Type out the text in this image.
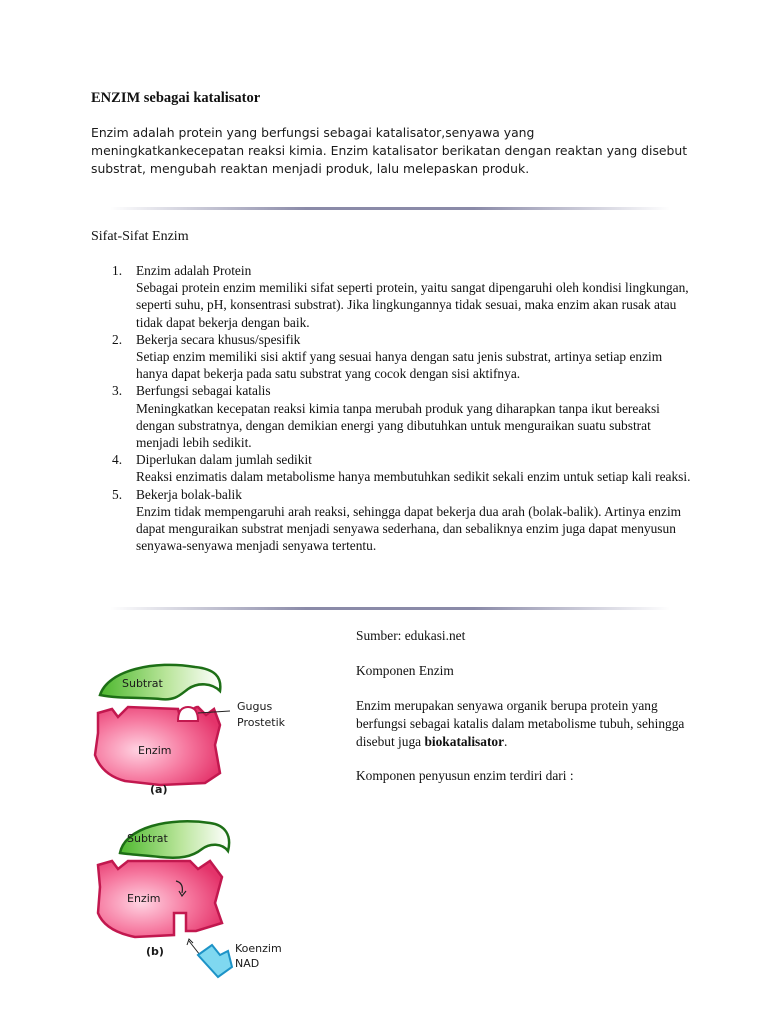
ENZIM sebagai katalisator
Enzim adalah protein yang berfungsi sebagai katalisator,senyawa yang meningkatkankecepatan reaksi kimia. Enzim katalisator berikatan dengan reaktan yang disebut substrat, mengubah reaktan menjadi produk, lalu melepaskan produk.
Sifat-Sifat Enzim
1. Enzim adalah Protein
Sebagai protein enzim memiliki sifat seperti protein, yaitu sangat dipengaruhi oleh kondisi lingkungan, seperti suhu, pH, konsentrasi substrat). Jika lingkungannya tidak sesuai, maka enzim akan rusak atau tidak dapat bekerja dengan baik.
2. Bekerja secara khusus/spesifik
Setiap enzim memiliki sisi aktif yang sesuai hanya dengan satu jenis substrat, artinya setiap enzim hanya dapat bekerja pada satu substrat yang cocok dengan sisi aktifnya.
3. Berfungsi sebagai katalis
Meningkatkan kecepatan reaksi kimia tanpa merubah produk yang diharapkan tanpa ikut bereaksi dengan substratnya, dengan demikian energi yang dibutuhkan untuk menguraikan suatu substrat menjadi lebih sedikit.
4. Diperlukan dalam jumlah sedikit
Reaksi enzimatis dalam metabolisme hanya membutuhkan sedikit sekali enzim untuk setiap kali reaksi.
5. Bekerja bolak-balik
Enzim tidak mempengaruhi arah reaksi, sehingga dapat bekerja dua arah (bolak-balik). Artinya enzim dapat menguraikan substrat menjadi senyawa sederhana, dan sebaliknya enzim juga dapat menyusun senyawa-senyawa menjadi senyawa tertentu.
Sumber: edukasi.net
Komponen Enzim
Enzim merupakan senyawa organik berupa protein yang berfungsi sebagai katalis dalam metabolisme tubuh, sehingga disebut juga biokatalisator.
Komponen penyusun enzim terdiri dari :
Subtrat
Enzim
Gugus
Prostetik
(a)
Subtrat
Enzim
Koenzim
NAD
(b)
